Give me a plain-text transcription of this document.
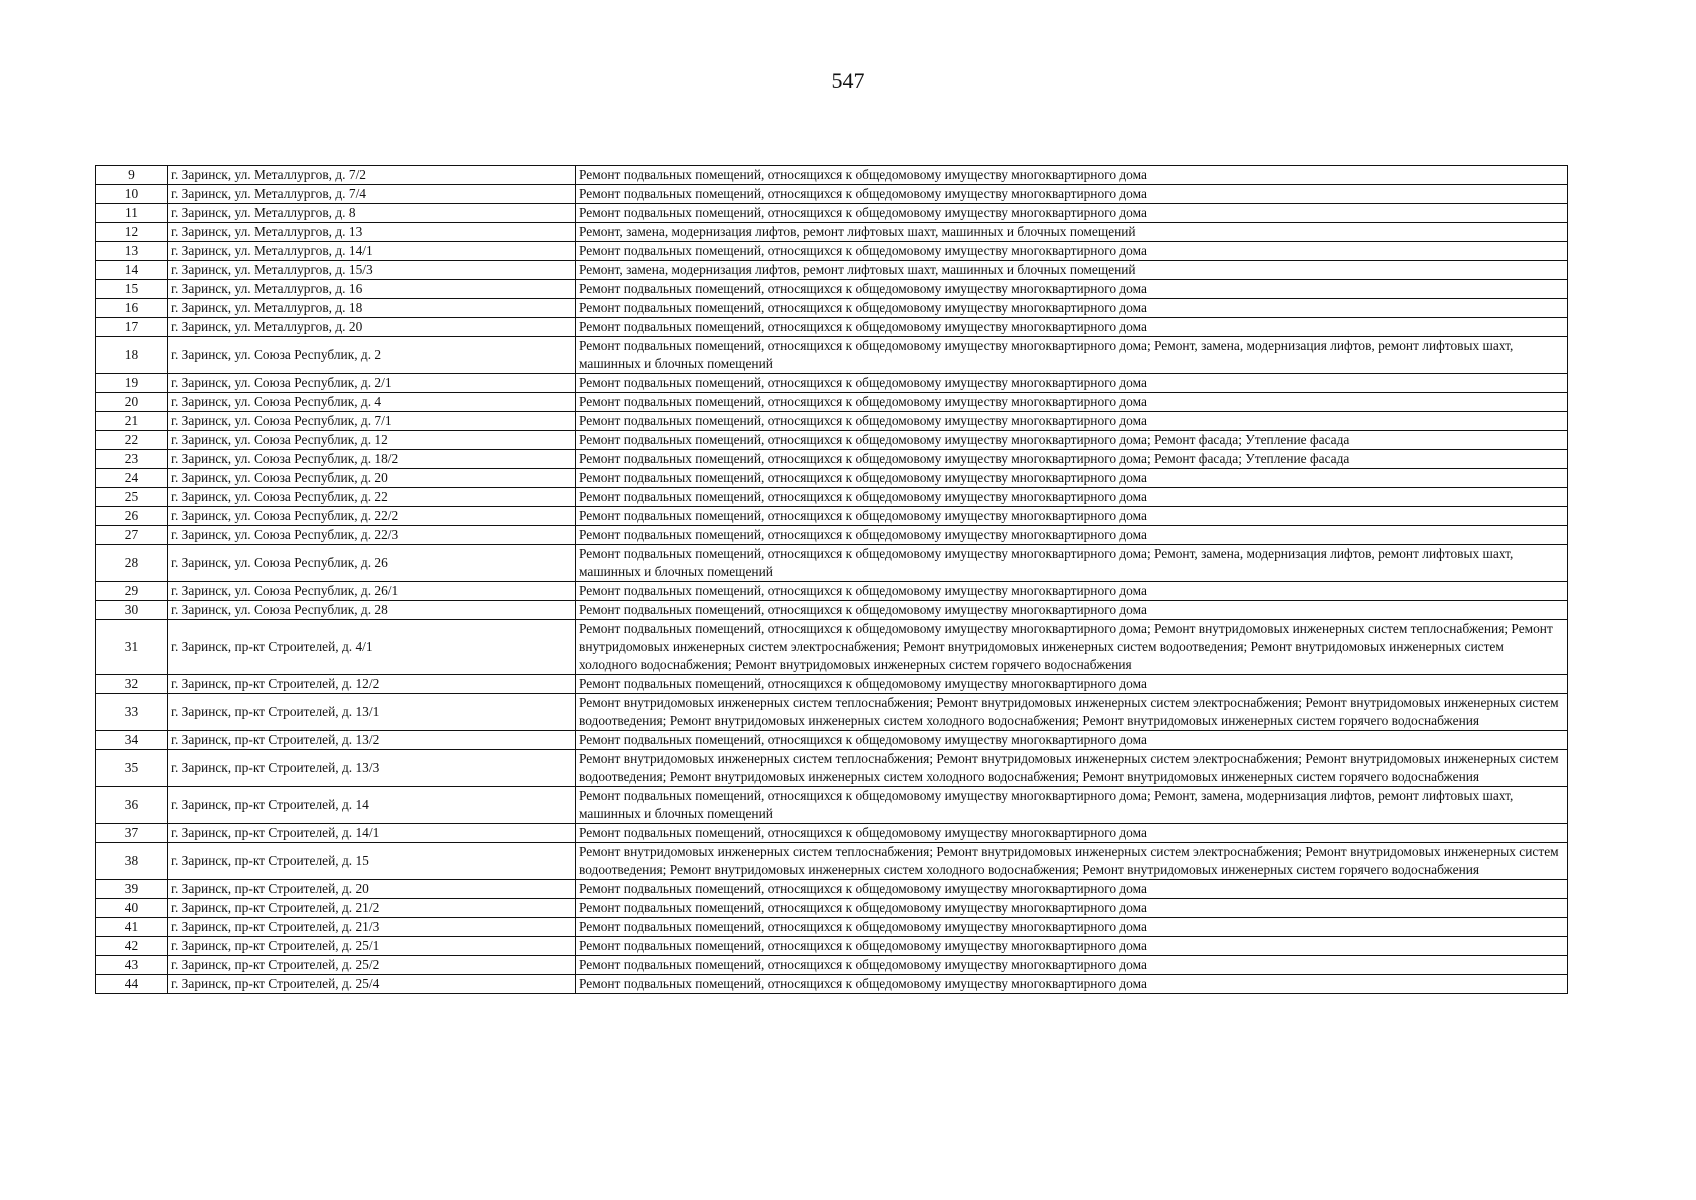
547
9	г. Заринск, ул. Металлургов, д. 7/2	Ремонт подвальных помещений, относящихся к общедомовому имуществу многоквартирного дома
10	г. Заринск, ул. Металлургов, д. 7/4	Ремонт подвальных помещений, относящихся к общедомовому имуществу многоквартирного дома
11	г. Заринск, ул. Металлургов, д. 8	Ремонт подвальных помещений, относящихся к общедомовому имуществу многоквартирного дома
12	г. Заринск, ул. Металлургов, д. 13	Ремонт, замена, модернизация лифтов, ремонт лифтовых шахт, машинных и блочных помещений
13	г. Заринск, ул. Металлургов, д. 14/1	Ремонт подвальных помещений, относящихся к общедомовому имуществу многоквартирного дома
14	г. Заринск, ул. Металлургов, д. 15/3	Ремонт, замена, модернизация лифтов, ремонт лифтовых шахт, машинных и блочных помещений
15	г. Заринск, ул. Металлургов, д. 16	Ремонт подвальных помещений, относящихся к общедомовому имуществу многоквартирного дома
16	г. Заринск, ул. Металлургов, д. 18	Ремонт подвальных помещений, относящихся к общедомовому имуществу многоквартирного дома
17	г. Заринск, ул. Металлургов, д. 20	Ремонт подвальных помещений, относящихся к общедомовому имуществу многоквартирного дома
18	г. Заринск, ул. Союза Республик, д. 2	Ремонт подвальных помещений, относящихся к общедомовому имуществу многоквартирного дома; Ремонт, замена, модернизация лифтов, ремонт лифтовых шахт, машинных и блочных помещений
19	г. Заринск, ул. Союза Республик, д. 2/1	Ремонт подвальных помещений, относящихся к общедомовому имуществу многоквартирного дома
20	г. Заринск, ул. Союза Республик, д. 4	Ремонт подвальных помещений, относящихся к общедомовому имуществу многоквартирного дома
21	г. Заринск, ул. Союза Республик, д. 7/1	Ремонт подвальных помещений, относящихся к общедомовому имуществу многоквартирного дома
22	г. Заринск, ул. Союза Республик, д. 12	Ремонт подвальных помещений, относящихся к общедомовому имуществу многоквартирного дома; Ремонт фасада; Утепление фасада
23	г. Заринск, ул. Союза Республик, д. 18/2	Ремонт подвальных помещений, относящихся к общедомовому имуществу многоквартирного дома; Ремонт фасада; Утепление фасада
24	г. Заринск, ул. Союза Республик, д. 20	Ремонт подвальных помещений, относящихся к общедомовому имуществу многоквартирного дома
25	г. Заринск, ул. Союза Республик, д. 22	Ремонт подвальных помещений, относящихся к общедомовому имуществу многоквартирного дома
26	г. Заринск, ул. Союза Республик, д. 22/2	Ремонт подвальных помещений, относящихся к общедомовому имуществу многоквартирного дома
27	г. Заринск, ул. Союза Республик, д. 22/3	Ремонт подвальных помещений, относящихся к общедомовому имуществу многоквартирного дома
28	г. Заринск, ул. Союза Республик, д. 26	Ремонт подвальных помещений, относящихся к общедомовому имуществу многоквартирного дома; Ремонт, замена, модернизация лифтов, ремонт лифтовых шахт, машинных и блочных помещений
29	г. Заринск, ул. Союза Республик, д. 26/1	Ремонт подвальных помещений, относящихся к общедомовому имуществу многоквартирного дома
30	г. Заринск, ул. Союза Республик, д. 28	Ремонт подвальных помещений, относящихся к общедомовому имуществу многоквартирного дома
31	г. Заринск, пр-кт Строителей, д. 4/1	Ремонт подвальных помещений, относящихся к общедомовому имуществу многоквартирного дома; Ремонт внутридомовых инженерных систем теплоснабжения; Ремонт внутридомовых инженерных систем электроснабжения; Ремонт внутридомовых инженерных систем водоотведения; Ремонт внутридомовых инженерных систем холодного водоснабжения; Ремонт внутридомовых инженерных систем горячего водоснабжения
32	г. Заринск, пр-кт Строителей, д. 12/2	Ремонт подвальных помещений, относящихся к общедомовому имуществу многоквартирного дома
33	г. Заринск, пр-кт Строителей, д. 13/1	Ремонт внутридомовых инженерных систем теплоснабжения; Ремонт внутридомовых инженерных систем электроснабжения; Ремонт внутридомовых инженерных систем водоотведения; Ремонт внутридомовых инженерных систем холодного водоснабжения; Ремонт внутридомовых инженерных систем горячего водоснабжения
34	г. Заринск, пр-кт Строителей, д. 13/2	Ремонт подвальных помещений, относящихся к общедомовому имуществу многоквартирного дома
35	г. Заринск, пр-кт Строителей, д. 13/3	Ремонт внутридомовых инженерных систем теплоснабжения; Ремонт внутридомовых инженерных систем электроснабжения; Ремонт внутридомовых инженерных систем водоотведения; Ремонт внутридомовых инженерных систем холодного водоснабжения; Ремонт внутридомовых инженерных систем горячего водоснабжения
36	г. Заринск, пр-кт Строителей, д. 14	Ремонт подвальных помещений, относящихся к общедомовому имуществу многоквартирного дома; Ремонт, замена, модернизация лифтов, ремонт лифтовых шахт, машинных и блочных помещений
37	г. Заринск, пр-кт Строителей, д. 14/1	Ремонт подвальных помещений, относящихся к общедомовому имуществу многоквартирного дома
38	г. Заринск, пр-кт Строителей, д. 15	Ремонт внутридомовых инженерных систем теплоснабжения; Ремонт внутридомовых инженерных систем электроснабжения; Ремонт внутридомовых инженерных систем водоотведения; Ремонт внутридомовых инженерных систем холодного водоснабжения; Ремонт внутридомовых инженерных систем горячего водоснабжения
39	г. Заринск, пр-кт Строителей, д. 20	Ремонт подвальных помещений, относящихся к общедомовому имуществу многоквартирного дома
40	г. Заринск, пр-кт Строителей, д. 21/2	Ремонт подвальных помещений, относящихся к общедомовому имуществу многоквартирного дома
41	г. Заринск, пр-кт Строителей, д. 21/3	Ремонт подвальных помещений, относящихся к общедомовому имуществу многоквартирного дома
42	г. Заринск, пр-кт Строителей, д. 25/1	Ремонт подвальных помещений, относящихся к общедомовому имуществу многоквартирного дома
43	г. Заринск, пр-кт Строителей, д. 25/2	Ремонт подвальных помещений, относящихся к общедомовому имуществу многоквартирного дома
44	г. Заринск, пр-кт Строителей, д. 25/4	Ремонт подвальных помещений, относящихся к общедомовому имуществу многоквартирного дома
